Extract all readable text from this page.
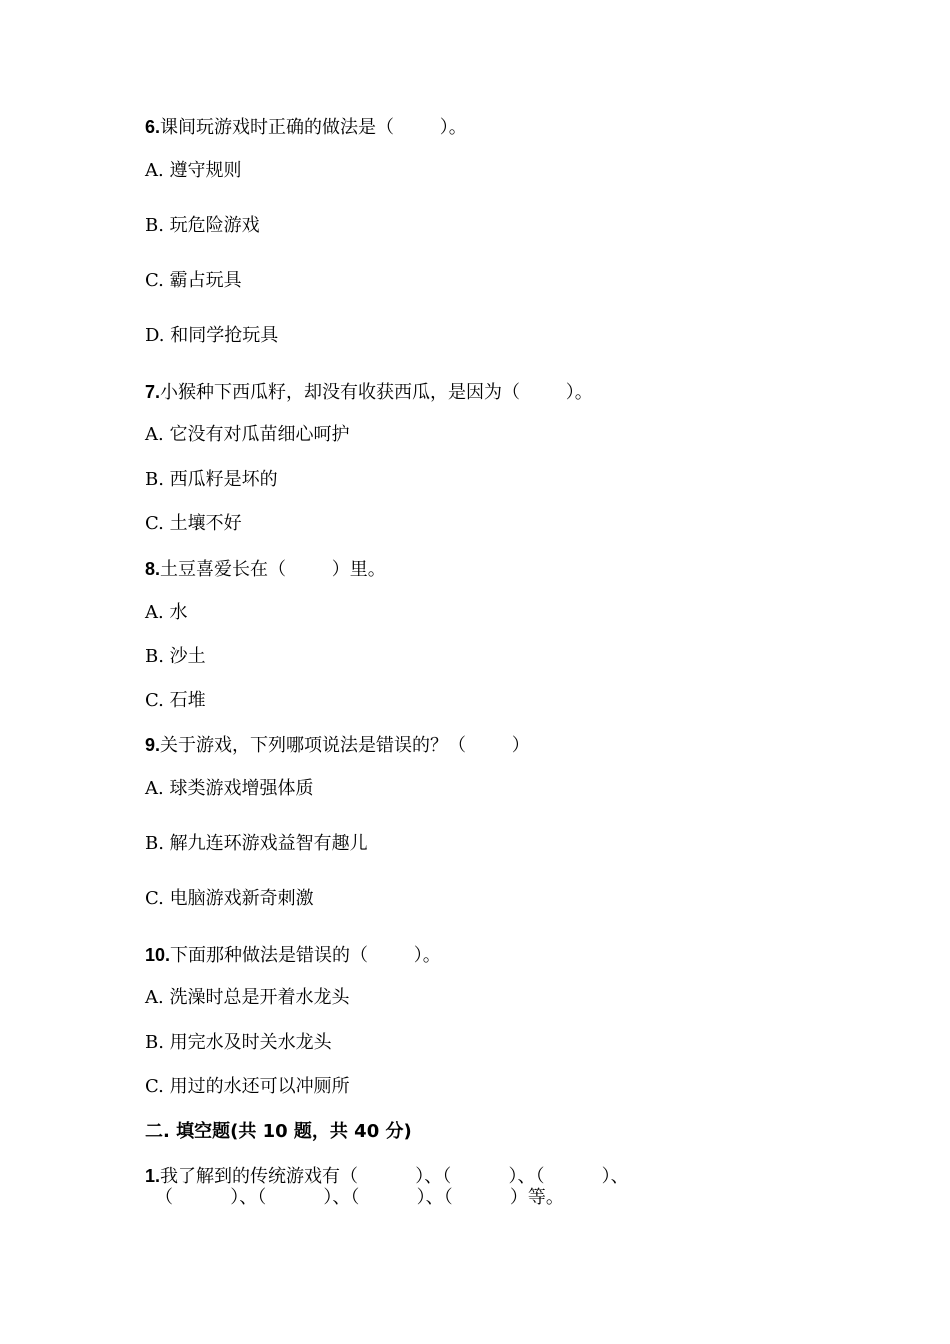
6.课间玩游戏时正确的做法是（        ）。
A. 遵守规则
B. 玩危险游戏
C. 霸占玩具
D. 和同学抢玩具
7.小猴种下西瓜籽，却没有收获西瓜，是因为（        ）。
A. 它没有对瓜苗细心呵护
B. 西瓜籽是坏的
C. 土壤不好
8.土豆喜爱长在（        ）里。
A. 水
B. 沙土
C. 石堆
9.关于游戏，下列哪项说法是错误的？（        ）
A. 球类游戏增强体质
B. 解九连环游戏益智有趣儿
C. 电脑游戏新奇刺激
10.下面那种做法是错误的（        ）。
A. 洗澡时总是开着水龙头
B. 用完水及时关水龙头
C. 用过的水还可以冲厕所
二. 填空题(共 10 题，共 40 分)
1.我了解到的传统游戏有（          ）、（          ）、（          ）、
（          ）、（          ）、（          ）、（          ）等。
